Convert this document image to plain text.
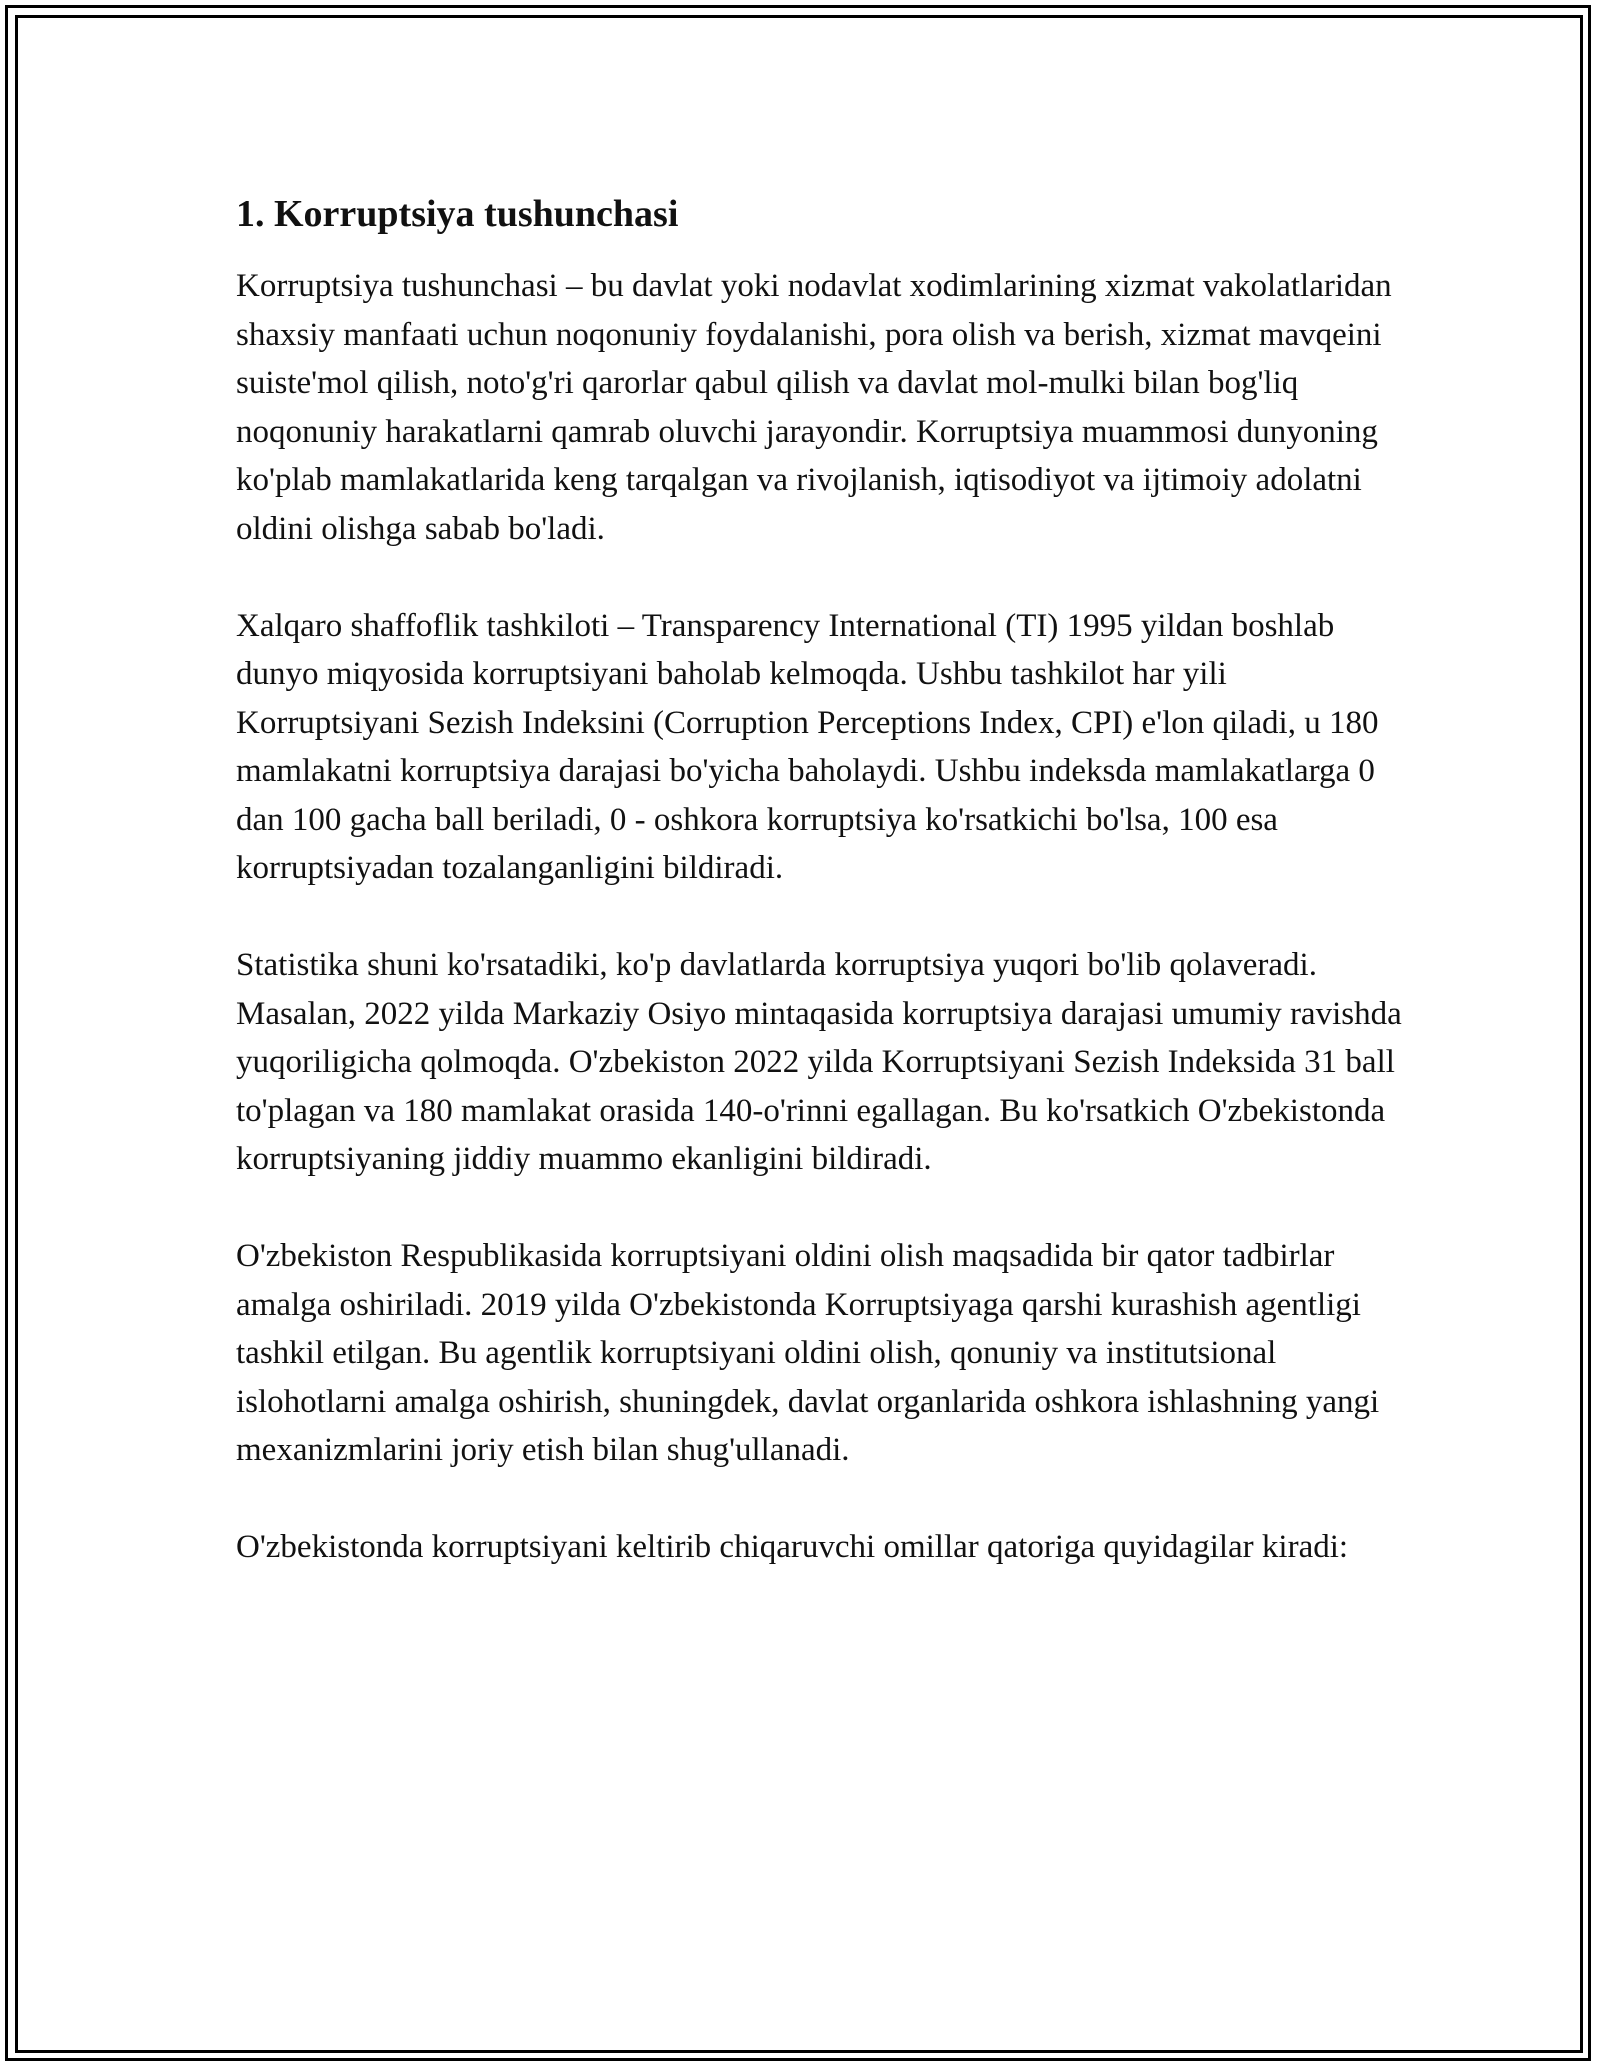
1. Korruptsiya tushunchasi

Korruptsiya tushunchasi – bu davlat yoki nodavlat xodimlarining xizmat vakolatlaridan shaxsiy manfaati uchun noqonuniy foydalanishi, pora olish va berish, xizmat mavqeini suiste'mol qilish, noto'g'ri qarorlar qabul qilish va davlat mol-mulki bilan bog'liq noqonuniy harakatlarni qamrab oluvchi jarayondir. Korruptsiya muammosi dunyoning ko'plab mamlakatlarida keng tarqalgan va rivojlanish, iqtisodiyot va ijtimoiy adolatni oldini olishga sabab bo'ladi.

Xalqaro shaffoflik tashkiloti – Transparency International (TI) 1995 yildan boshlab dunyo miqyosida korruptsiyani baholab kelmoqda. Ushbu tashkilot har yili Korruptsiyani Sezish Indeksini (Corruption Perceptions Index, CPI) e'lon qiladi, u 180 mamlakatni korruptsiya darajasi bo'yicha baholaydi. Ushbu indeksda mamlakatlarga 0 dan 100 gacha ball beriladi, 0 - oshkora korruptsiya ko'rsatkichi bo'lsa, 100 esa korruptsiyadan tozalanganligini bildiradi.

Statistika shuni ko'rsatadiki, ko'p davlatlarda korruptsiya yuqori bo'lib qolaveradi. Masalan, 2022 yilda Markaziy Osiyo mintaqasida korruptsiya darajasi umumiy ravishda yuqoriligicha qolmoqda. O'zbekiston 2022 yilda Korruptsiyani Sezish Indeksida 31 ball to'plagan va 180 mamlakat orasida 140-o'rinni egallagan. Bu ko'rsatkich O'zbekistonda korruptsiyaning jiddiy muammo ekanligini bildiradi.

O'zbekiston Respublikasida korruptsiyani oldini olish maqsadida bir qator tadbirlar amalga oshiriladi. 2019 yilda O'zbekistonda Korruptsiyaga qarshi kurashish agentligi tashkil etilgan. Bu agentlik korruptsiyani oldini olish, qonuniy va institutsional islohotlarni amalga oshirish, shuningdek, davlat organlarida oshkora ishlashning yangi mexanizmlarini joriy etish bilan shug'ullanadi.

O'zbekistonda korruptsiyani keltirib chiqaruvchi omillar qatoriga quyidagilar kiradi:
